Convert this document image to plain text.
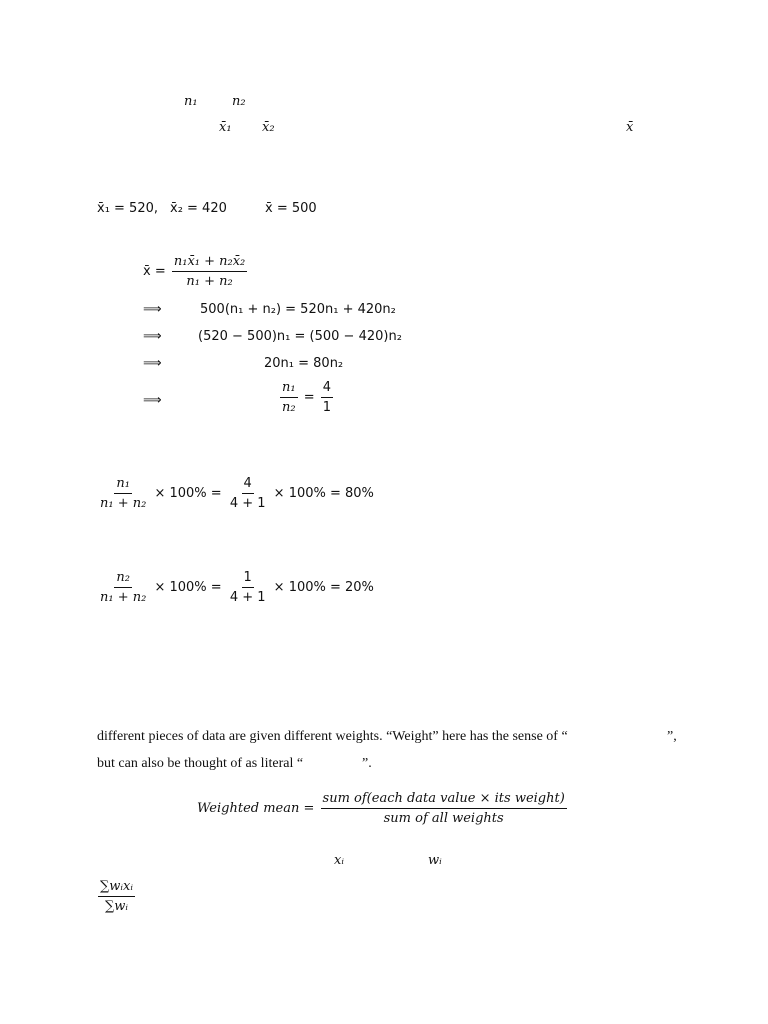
n₁	n₂
x̄₁ x̄₂	x̄
x̄₁ = 520, x̄₂ = 420	x̄ = 500
x̄ = $\frac{\text{n₁x̄₁ + n₂x̄₂}}{\text{n₁ + n₂}}$
⟹	500(n₁ + n₂) = 520n₁ + 420n₂
⟹	(520 − 500)n₁ = (500 − 420)n₂
⟹	20n₁ = 80n₂
⟹	$\frac{\text{n₁}}{\text{n₂}} = \frac{4}{1}$
$\frac{\text{n₁}}{\text{n₁ + n₂}} \times 100\% = \frac{4}{4 + 1} \times 100\% = 80\%$
$\frac{\text{n₂}}{\text{n₁ + n₂}} \times 100\% = \frac{1}{4 + 1} \times 100\% = 20\%$
different pieces of data are given different weights. “Weight” here has the sense of “	”,
but can also be thought of as literal “	”.
Weighted mean = $\frac{\text{sum of(each data value × its weight)}}{\text{sum of all weights}}$
xᵢ	wᵢ
$\frac{\text{∑wᵢxᵢ}}{\text{∑wᵢ}}$
